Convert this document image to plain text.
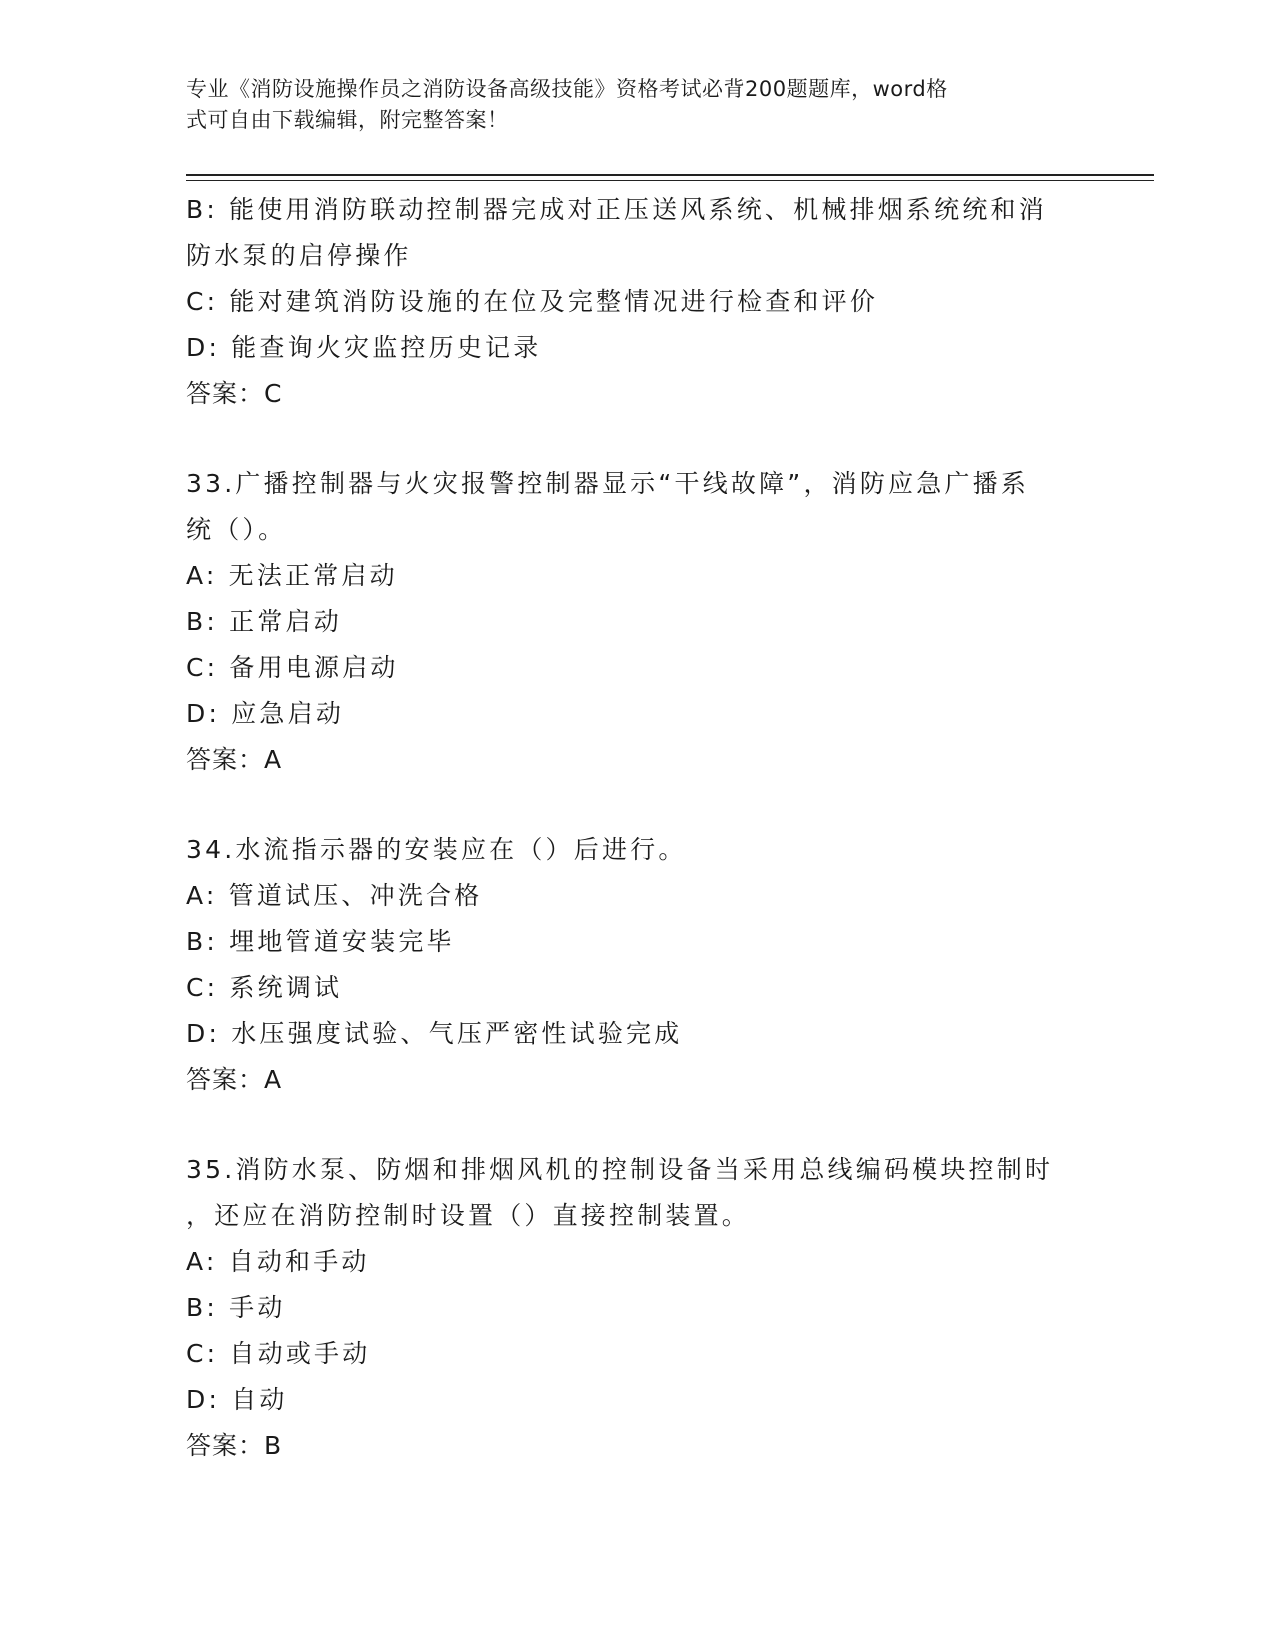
专业《消防设施操作员之消防设备高级技能》资格考试必背200题题库，word格
式可自由下载编辑，附完整答案！
B: 能使用消防联动控制器完成对正压送风系统、机械排烟系统统和消
防水泵的启停操作
C: 能对建筑消防设施的在位及完整情况进行检查和评价
D: 能查询火灾监控历史记录
答案：C
33.广播控制器与火灾报警控制器显示“干线故障”，消防应急广播系
统（）。
A: 无法正常启动
B: 正常启动
C: 备用电源启动
D: 应急启动
答案：A
34.水流指示器的安装应在（）后进行。
A: 管道试压、冲洗合格
B: 埋地管道安装完毕
C: 系统调试
D: 水压强度试验、气压严密性试验完成
答案：A
35.消防水泵、防烟和排烟风机的控制设备当采用总线编码模块控制时
，还应在消防控制时设置（）直接控制装置。
A: 自动和手动
B: 手动
C: 自动或手动
D: 自动
答案：B
